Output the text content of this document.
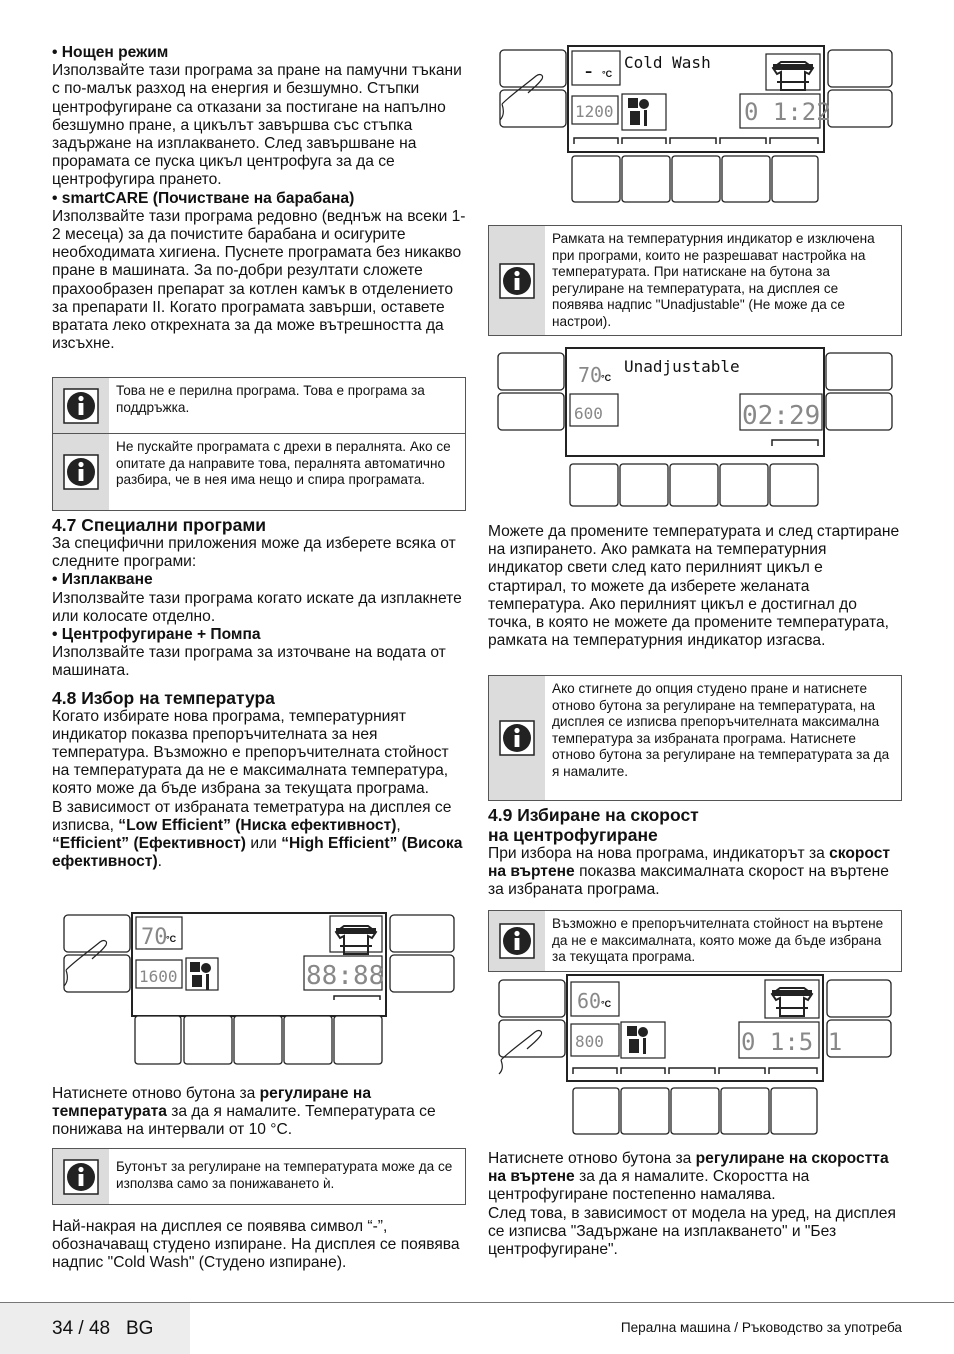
• Нощен режим

Използвайте тази програма за пране на памучни тъкани с по-малък разход на енергия и безшумно. Стъпки центрофугиране са отказани за постигане на напълно безшумно пране, а цикълът завършва със стъпка задържане на изплакването. След завършване на прорамата се пуска цикъл центрофуга за да се центрофугира прането.

• smartCARE (Почистване на барабана)

Използвайте тази програма редовно (веднъж на всеки 1-2 месеца) за да почистите барабана и осигурите необходимата хигиена. Пуснете програмата без никакво пране в машината. За по-добри резултати сложете прахообразен препарат за котлен камък в отделението за препарати II. Когато програмата завърши, оставете вратата леко открехната за да може вътрешността да изсъхне.

Това не е перилна програма. Това е програма за поддръжка.
Не пускайте програмата с дрехи в пералнята. Ако се опитате да направите това, пералнята автоматично разбира, че в нея има нещо и спира програмата.
4.7 Специални програми

За специфични приложения може да изберете всяка от следните програми:

• Изплакване

Използвайте тази програма когато искате да изплакнете или колосате отделно.

• Центрофугиране + Помпа

Използвайте тази програма за източване на водата от машината.

4.8 Избор на температура

Когато избирате нова програма, температурният индикатор показва препоръчителната за нея температура. Възможно е препоръчителната стойност на температурата да не е максималната температура, която може да бъде избрана за текущата програма.

В зависимост от избраната теметратура на дисплея се изписва, “Low Efficient” (Ниска ефективност), “Efficient” (Ефективност) или “High Efficient” (Висока ефективност).

70
°C
1600	88:88

Натиснете отново бутона за регулиране на температурата за да я намалите. Температурата се понижава на интервали от 10 °C.

Бутонът за регулиране на температурата може да се използва само за понижаването ѝ.

Най-накрая на дисплея се появява символ “-”, обозначаващ студено изпиране. На дисплея се появява надпис "Cold Wash" (Студено изпиране).

- °C
Cold Wash
1200	0 1:22
Рамката на температурния индикатор е изключена при програми, които не разрешават настройка на температурата. При натискане на бутона за регулиране на температурата, на дисплея се появява надпис "Unadjustable" (Не може да се настрои).
70
°C
Unadjustable
600	02:29

Можете да промените температурата и след стартиране на изпирането. Ако рамката на температурния индикатор свети след като перилният цикъл е стартирал, то можете да изберете желаната температура. Ако перилният цикъл е достигнал до точка, в която не можете да промените температурата, рамката на температурния индикатор изгасва.

Ако стигнете до опция студено пране и натиснете отново бутона за регулиране на температурата, на дисплея се изписва препоръчителната максимална температура за избраната програма. Натиснете отново бутона за регулиране на температурата за да я намалите.
4.9 Избиране на скорост
на центрофугиране

При избора на нова програма, индикаторът за скорост на въртене показва максималната скорост на въртене за избраната програма.

Възможно е препоръчителната стойност на въртене да не е максималната, която може да бъде избрана за текущата програма.
60 °C
800	0 1:5 1

Натиснете отново бутона за регулиране на скоростта на въртене за да я намалите. Скоростта на центрофугиране постепенно намалява.

След това, в зависимост от модела на уред, на дисплея се изписва "Задържане на изплакването" и "Без центрофугиране".

34 / 48
BG	Перална машина / Ръководство за употреба
